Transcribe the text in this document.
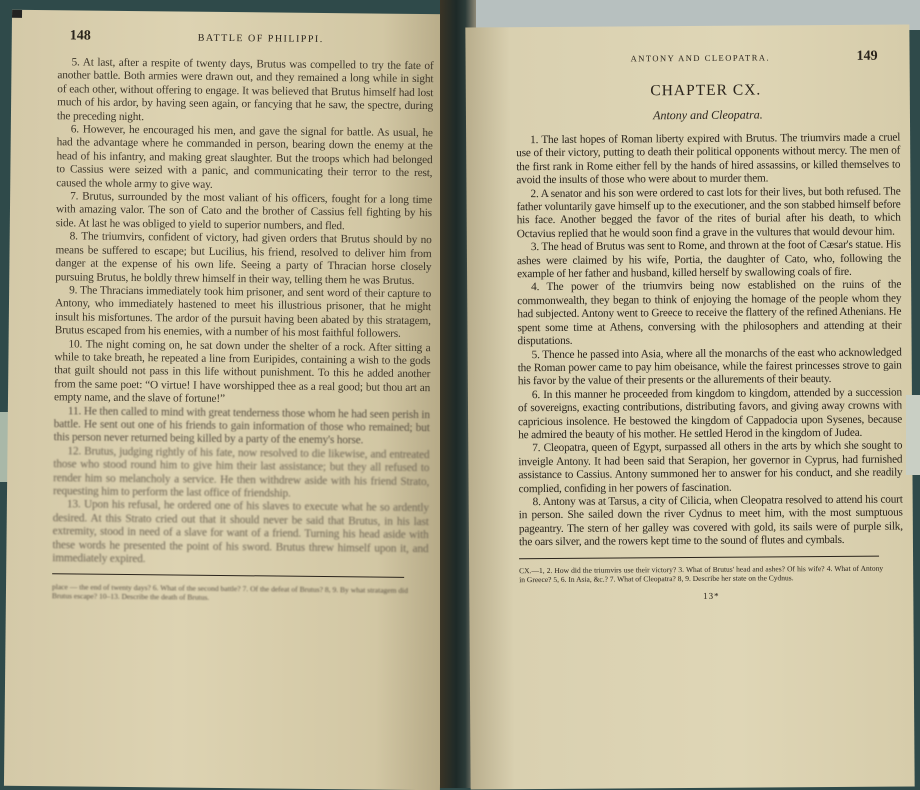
148	BATTLE OF PHILIPPI.

5. At last, after a respite of twenty days, Brutus was compelled to try the fate of another battle. Both armies were drawn out, and they remained a long while in sight of each other, without offering to engage. It was believed that Brutus himself had lost much of his ardor, by having seen again, or fancying that he saw, the spectre, during the preceding night.

6. However, he encouraged his men, and gave the signal for battle. As usual, he had the advantage where he commanded in person, bearing down the enemy at the head of his infantry, and making great slaughter. But the troops which had belonged to Cassius were seized with a panic, and communicating their terror to the rest, caused the whole army to give way.

7. Brutus, surrounded by the most valiant of his officers, fought for a long time with amazing valor. The son of Cato and the brother of Cassius fell fighting by his side. At last he was obliged to yield to superior numbers, and fled.

8. The triumvirs, confident of victory, had given orders that Brutus should by no means be suffered to escape; but Lucilius, his friend, resolved to deliver him from danger at the expense of his own life. Seeing a party of Thracian horse closely pursuing Brutus, he boldly threw himself in their way, telling them he was Brutus.

9. The Thracians immediately took him prisoner, and sent word of their capture to Antony, who immediately hastened to meet his illustrious prisoner, that he might insult his misfortunes. The ardor of the pursuit having been abated by this stratagem, Brutus escaped from his enemies, with a number of his most faithful followers.

10. The night coming on, he sat down under the shelter of a rock. After sitting a while to take breath, he repeated a line from Euripides, containing a wish to the gods that guilt should not pass in this life without punishment. To this he added another from the same poet: “O virtue! I have worshipped thee as a real good; but thou art an empty name, and the slave of fortune!”

11. He then called to mind with great tenderness those whom he had seen perish in battle. He sent out one of his friends to gain information of those who remained; but this person never returned being killed by a party of the enemy's horse.

12. Brutus, judging rightly of his fate, now resolved to die likewise, and entreated those who stood round him to give him their last assistance; but they all refused to render him so melancholy a service. He then withdrew aside with his friend Strato, requesting him to perform the last office of friendship.

13. Upon his refusal, he ordered one of his slaves to execute what he so ardently desired. At this Strato cried out that it should never be said that Brutus, in his last extremity, stood in need of a slave for want of a friend. Turning his head aside with these words he presented the point of his sword. Brutus threw himself upon it, and immediately expired.

place — the end of twenty days? 6. What of the second battle? 7. Of the defeat of Brutus? 8, 9. By what stratagem did Brutus escape? 10–13. Describe the death of Brutus.

ANTONY AND CLEOPATRA.	149
CHAPTER CX.
Antony and Cleopatra.

1. The last hopes of Roman liberty expired with Brutus. The triumvirs made a cruel use of their victory, putting to death their political opponents without mercy. The men of the first rank in Rome either fell by the hands of hired assassins, or killed themselves to avoid the insults of those who were about to murder them.

2. A senator and his son were ordered to cast lots for their lives, but both refused. The father voluntarily gave himself up to the executioner, and the son stabbed himself before his face. Another begged the favor of the rites of burial after his death, to which Octavius replied that he would soon find a grave in the vultures that would devour him.

3. The head of Brutus was sent to Rome, and thrown at the foot of Cæsar's statue. His ashes were claimed by his wife, Portia, the daughter of Cato, who, following the example of her father and husband, killed herself by swallowing coals of fire.

4. The power of the triumvirs being now established on the ruins of the commonwealth, they began to think of enjoying the homage of the people whom they had subjected. Antony went to Greece to receive the flattery of the refined Athenians. He spent some time at Athens, conversing with the philosophers and attending at their disputations.

5. Thence he passed into Asia, where all the monarchs of the east who acknowledged the Roman power came to pay him obeisance, while the fairest princesses strove to gain his favor by the value of their presents or the allurements of their beauty.

6. In this manner he proceeded from kingdom to kingdom, attended by a succession of sovereigns, exacting contributions, distributing favors, and giving away crowns with capricious insolence. He bestowed the kingdom of Cappadocia upon Sysenes, because he admired the beauty of his mother. He settled Herod in the kingdom of Judea.

7. Cleopatra, queen of Egypt, surpassed all others in the arts by which she sought to inveigle Antony. It had been said that Serapion, her governor in Cyprus, had furnished assistance to Cassius. Antony summoned her to answer for his conduct, and she readily complied, confiding in her powers of fascination.

8. Antony was at Tarsus, a city of Cilicia, when Cleopatra resolved to attend his court in person. She sailed down the river Cydnus to meet him, with the most sumptuous pageantry. The stern of her galley was covered with gold, its sails were of purple silk, the oars silver, and the rowers kept time to the sound of flutes and cymbals.

CX.—1, 2. How did the triumvirs use their victory? 3. What of Brutus' head and ashes? Of his wife? 4. What of Antony in Greece? 5, 6. In Asia, &c.? 7. What of Cleopatra? 8, 9. Describe her state on the Cydnus.

13*
